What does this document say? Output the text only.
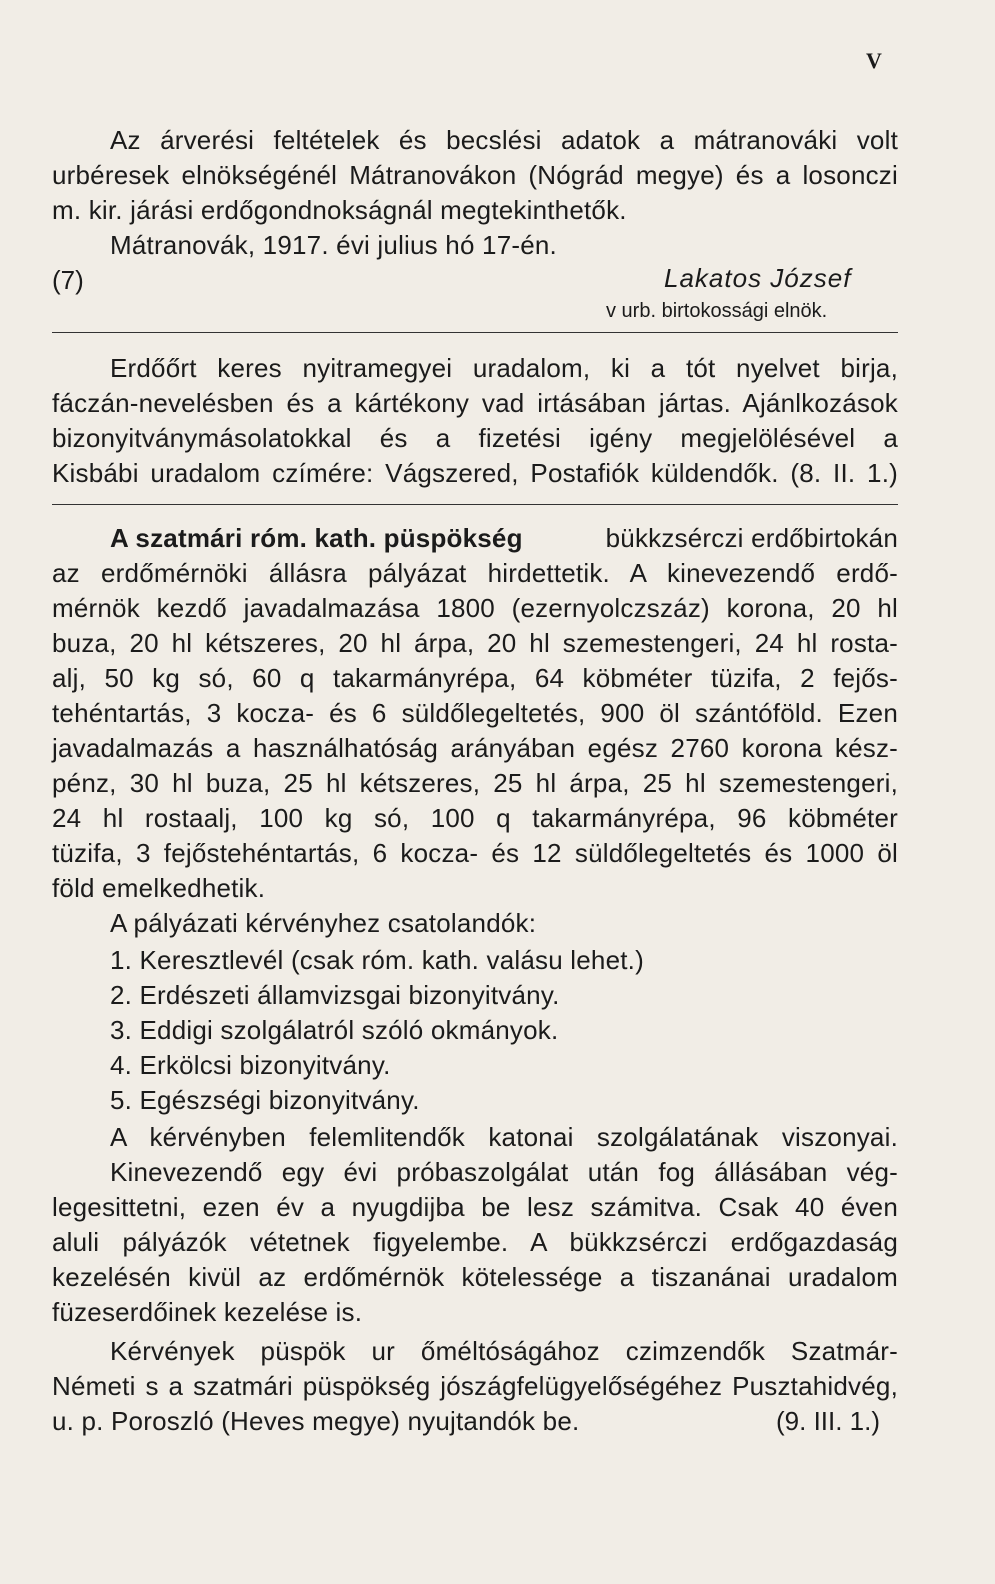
V
Az árverési feltételek és becslési adatok a mátranováki volt
urbéresek elnökségénél Mátranovákon (Nógrád megye) és a losonczi
m. kir. járási erdőgondnokságnál megtekinthetők.
Mátranovák, 1917. évi julius hó 17-én.
(7)	Lakatos József
v urb. birtokossági elnök.
Erdőőrt keres nyitramegyei uradalom, ki a tót nyelvet birja,
fáczán-nevelésben és a kártékony vad irtásában jártas. Ajánlkozások
bizonyitványmásolatokkal és a fizetési igény megjelölésével a
Kisbábi uradalom czímére: Vágszered, Postafiók küldendők. (8. II. 1.)
A szatmári róm. kath. püspökség	bükkzsérczi erdőbirtokán
az erdőmérnöki állásra pályázat hirdettetik. A kinevezendő erdő-
mérnök kezdő javadalmazása 1800 (ezernyolczszáz) korona, 20 hl
buza, 20 hl kétszeres, 20 hl árpa, 20 hl szemestengeri, 24 hl rosta-
alj, 50 kg só, 60 q takarmányrépa, 64 köbméter tüzifa, 2 fejős-
tehéntartás, 3 kocza- és 6 süldőlegeltetés, 900 öl szántóföld. Ezen
javadalmazás a használhatóság arányában egész 2760 korona kész-
pénz, 30 hl buza, 25 hl kétszeres, 25 hl árpa, 25 hl szemestengeri,
24 hl rostaalj, 100 kg só, 100 q takarmányrépa, 96 köbméter
tüzifa, 3 fejőstehéntartás, 6 kocza- és 12 süldőlegeltetés és 1000 öl
föld emelkedhetik.
A pályázati kérvényhez csatolandók:
1. Keresztlevél (csak róm. kath. valásu lehet.)
2. Erdészeti államvizsgai bizonyitvány.
3. Eddigi szolgálatról szóló okmányok.
4. Erkölcsi bizonyitvány.
5. Egészségi bizonyitvány.
A kérvényben felemlitendők katonai szolgálatának viszonyai.
Kinevezendő egy évi próbaszolgálat után fog állásában vég-
legesittetni, ezen év a nyugdijba be lesz számitva. Csak 40 éven
aluli pályázók vétetnek figyelembe. A bükkzsérczi erdőgazdaság
kezelésén kivül az erdőmérnök kötelessége a tiszanánai uradalom
füzeserdőinek kezelése is.
Kérvények püspök ur őméltóságához czimzendők Szatmár-
Németi s a szatmári püspökség jószágfelügyelőségéhez Pusztahidvég,
u. p. Poroszló (Heves megye) nyujtandók be.	(9. III. 1.)
